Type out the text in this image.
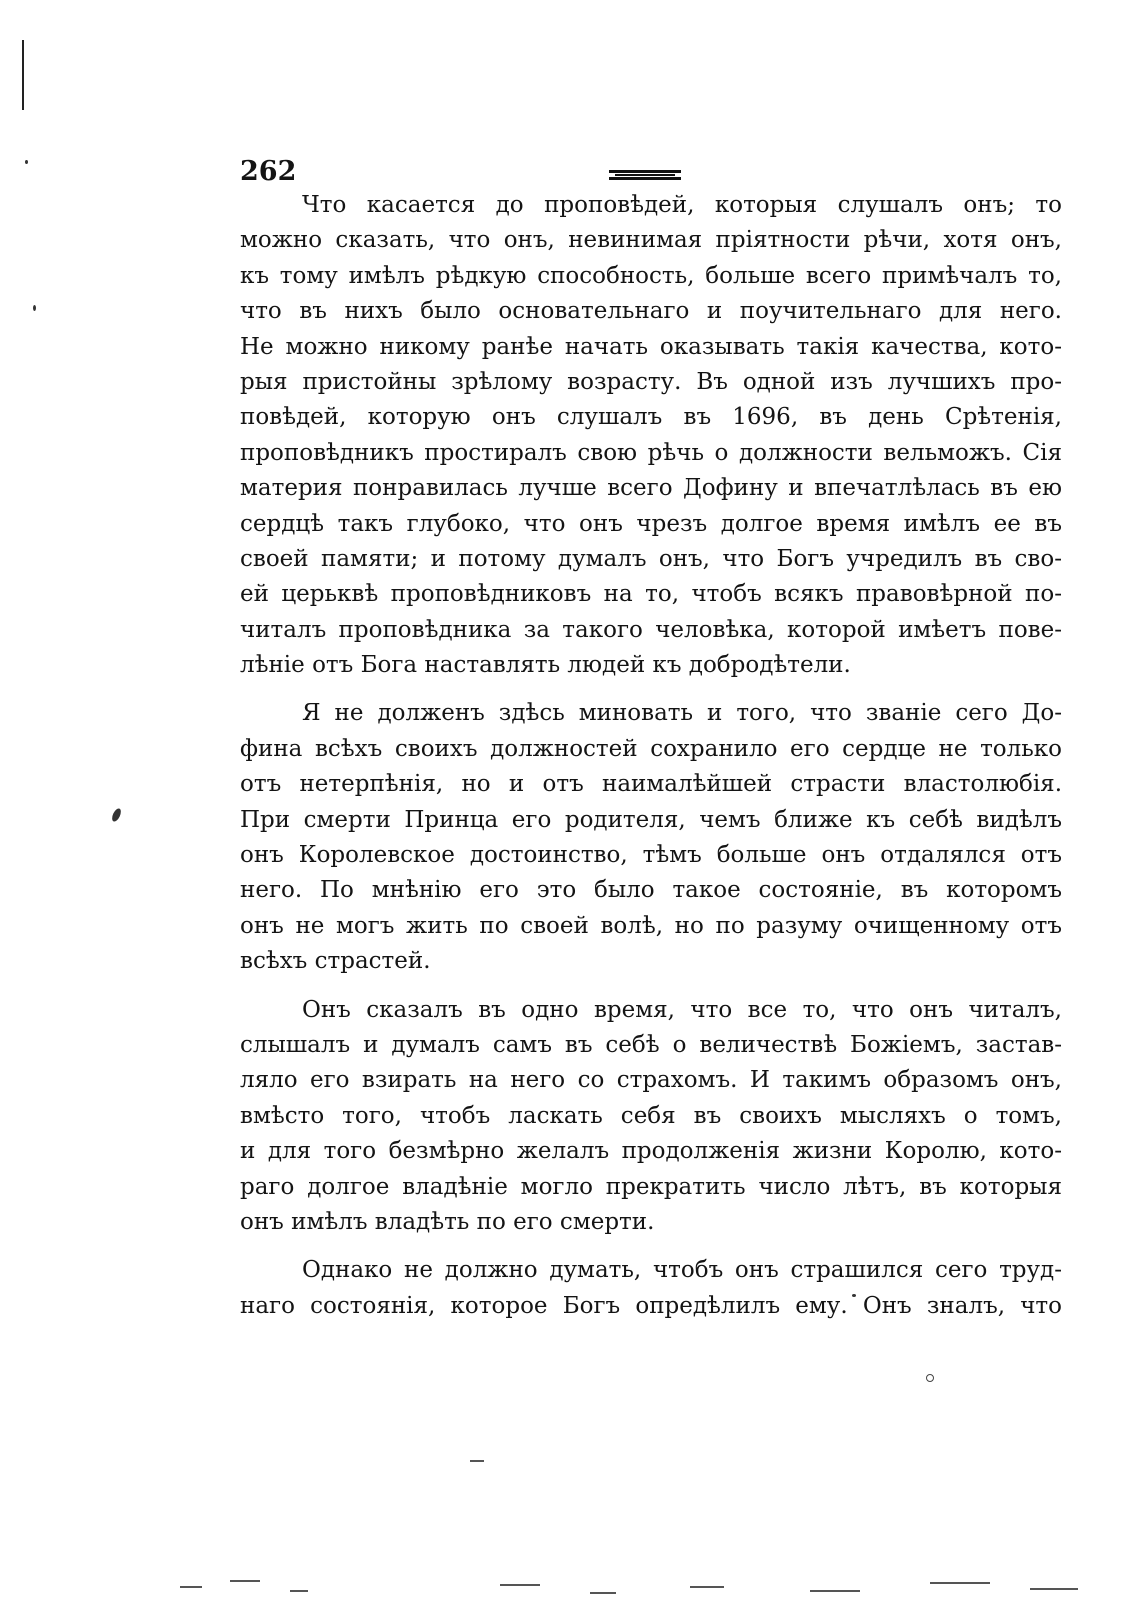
262
Что касается до проповѣдей, которыя слушалъ онъ; то
можно сказать, что онъ, невинимая пріятности рѣчи, хотя онъ,
къ тому имѣлъ рѣдкую способность, больше всего примѣчалъ то,
что въ нихъ было основательнаго и поучительнаго для него.
Не можно никому ранѣе начать оказывать такія качества, кото-
рыя пристойны зрѣлому возрасту. Въ одной изъ лучшихъ про-
повѣдей, которую онъ слушалъ въ 1696, въ день Срѣтенія,
проповѣдникъ простиралъ свою рѣчь о должности вельможъ. Сія
материя понравилась лучше всего Дофину и впечатлѣлась въ ею
сердцѣ такъ глубоко, что онъ чрезъ долгое время имѣлъ ее въ
своей памяти; и потому думалъ онъ, что Богъ учредилъ въ сво-
ей церьквѣ проповѣдниковъ на то, чтобъ всякъ правовѣрной по-
читалъ проповѣдника за такого человѣка, которой имѣетъ пове-
лѣніе отъ Бога наставлять людей къ добродѣтели.
Я не долженъ здѣсь миновать и того, что званіе сего До-
фина всѣхъ своихъ должностей сохранило его сердце не только
отъ нетерпѣнія, но и отъ наималѣйшей страсти властолюбія.
При смерти Принца его родителя, чемъ ближе къ себѣ видѣлъ
онъ Королевское достоинство, тѣмъ больше онъ отдалялся отъ
него. По мнѣнію его это было такое состояніе, въ которомъ
онъ не могъ жить по своей волѣ, но по разуму очищенному отъ
всѣхъ страстей.
Онъ сказалъ въ одно время, что все то, что онъ читалъ,
слышалъ и думалъ самъ въ себѣ о величествѣ Божіемъ, застав-
ляло его взирать на него со страхомъ. И такимъ образомъ онъ,
вмѣсто того, чтобъ ласкать себя въ своихъ мысляхъ о томъ,
и для того безмѣрно желалъ продолженія жизни Королю, кото-
раго долгое владѣніе могло прекратить число лѣтъ, въ которыя
онъ имѣлъ владѣть по его смерти.
Однако не должно думать, чтобъ онъ страшился сего труд-
наго состоянія, которое Богъ опредѣлилъ ему. Онъ зналъ, что
